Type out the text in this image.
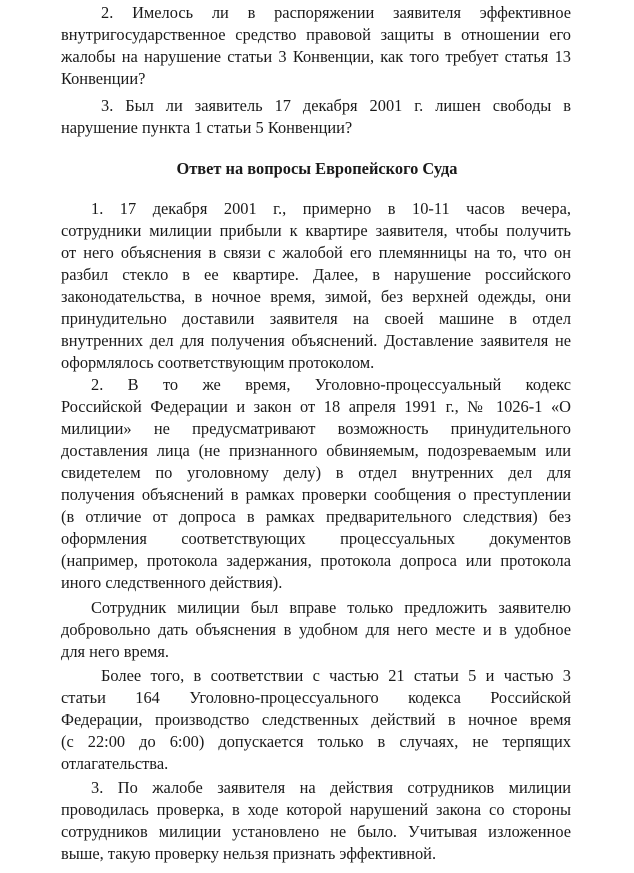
2. Имелось ли в распоряжении заявителя эффективное
внутригосударственное средство правовой защиты в отношении его
жалобы на нарушение статьи 3 Конвенции, как того требует статья 13
Конвенции?
3. Был ли заявитель 17 декабря 2001 г. лишен свободы в
нарушение пункта 1 статьи 5 Конвенции?
Ответ на вопросы Европейского Суда
1. 17 декабря 2001 г., примерно в 10-11 часов вечера,
сотрудники милиции прибыли к квартире заявителя, чтобы получить
от него объяснения в связи с жалобой его племянницы на то, что он
разбил стекло в ее квартире. Далее, в нарушение российского
законодательства, в ночное время, зимой, без верхней одежды, они
принудительно доставили заявителя на своей машине в отдел
внутренних дел для получения объяснений. Доставление заявителя не
оформлялось соответствующим протоколом.
2. В то же время, Уголовно-процессуальный кодекс
Российской Федерации и закон от 18 апреля 1991 г., № 1026-1 «О
милиции» не предусматривают возможность принудительного
доставления лица (не признанного обвиняемым, подозреваемым или
свидетелем по уголовному делу) в отдел внутренних дел для
получения объяснений в рамках проверки сообщения о преступлении
(в отличие от допроса в рамках предварительного следствия) без
оформления соответствующих процессуальных документов
(например, протокола задержания, протокола допроса или протокола
иного следственного действия).
Сотрудник милиции был вправе только предложить заявителю
добровольно дать объяснения в удобном для него месте и в удобное
для него время.
Более того, в соответствии с частью 21 статьи 5 и частью 3
статьи 164 Уголовно-процессуального кодекса Российской
Федерации, производство следственных действий в ночное время
(с 22:00 до 6:00) допускается только в случаях, не терпящих
отлагательства.
3. По жалобе заявителя на действия сотрудников милиции
проводилась проверка, в ходе которой нарушений закона со стороны
сотрудников милиции установлено не было. Учитывая изложенное
выше, такую проверку нельзя признать эффективной.
